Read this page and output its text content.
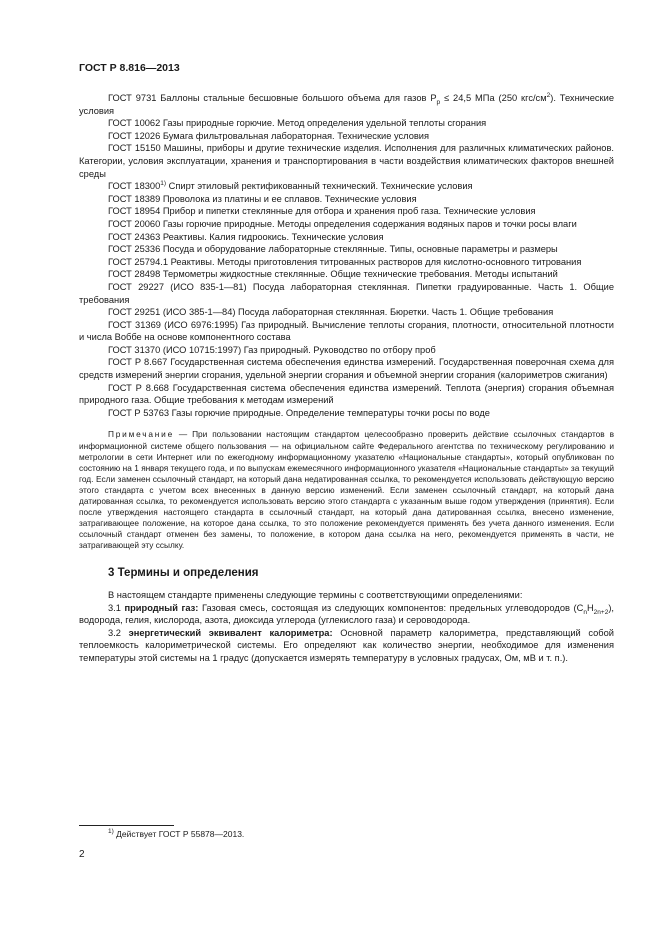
ГОСТ Р 8.816—2013

ГОСТ 9731 Баллоны стальные бесшовные большого объема для газов $P_р \le 24,5$ МПа (250 кгс/$см^2$). Технические условия

ГОСТ 10062 Газы природные горючие. Метод определения удельной теплоты сгорания

ГОСТ 12026 Бумага фильтровальная лабораторная. Технические условия

ГОСТ 15150 Машины, приборы и другие технические изделия. Исполнения для различных климатических районов. Категории, условия эксплуатации, хранения и транспортирования в части воздействия климатических факторов внешней среды

ГОСТ 18300$^{1)}$ Спирт этиловый ректификованный технический. Технические условия

ГОСТ 18389 Проволока из платины и ее сплавов. Технические условия

ГОСТ 18954 Прибор и пипетки стеклянные для отбора и хранения проб газа. Технические условия

ГОСТ 20060 Газы горючие природные. Методы определения содержания водяных паров и точки росы влаги

ГОСТ 24363 Реактивы. Калия гидроокись. Технические условия

ГОСТ 25336 Посуда и оборудование лабораторные стеклянные. Типы, основные параметры и размеры

ГОСТ 25794.1 Реактивы. Методы приготовления титрованных растворов для кислотно-основного титрования

ГОСТ 28498 Термометры жидкостные стеклянные. Общие технические требования. Методы испытаний

ГОСТ 29227 (ИСО 835-1—81) Посуда лабораторная стеклянная. Пипетки градуированные. Часть 1. Общие требования

ГОСТ 29251 (ИСО 385-1—84) Посуда лабораторная стеклянная. Бюретки. Часть 1. Общие требования

ГОСТ 31369 (ИСО 6976:1995) Газ природный. Вычисление теплоты сгорания, плотности, относительной плотности и числа Воббе на основе компонентного состава

ГОСТ 31370 (ИСО 10715:1997) Газ природный. Руководство по отбору проб

ГОСТ Р 8.667 Государственная система обеспечения единства измерений. Государственная поверочная схема для средств измерений энергии сгорания, удельной энергии сгорания и объемной энергии сгорания (калориметров сжигания)

ГОСТ Р 8.668 Государственная система обеспечения единства измерений. Теплота (энергия) сгорания объемная природного газа. Общие требования к методам измерений

ГОСТ Р 53763 Газы горючие природные. Определение температуры точки росы по воде

Примечание — При пользовании настоящим стандартом целесообразно проверить действие ссылочных стандартов в информационной системе общего пользования — на официальном сайте Федерального агентства по техническому регулированию и метрологии в сети Интернет или по ежегодному информационному указателю «Национальные стандарты», который опубликован по состоянию на 1 января текущего года, и по выпускам ежемесячного информационного указателя «Национальные стандарты» за текущий год. Если заменен ссылочный стандарт, на который дана недатированная ссылка, то рекомендуется использовать действующую версию этого стандарта с учетом всех внесенных в данную версию изменений. Если заменен ссылочный стандарт, на который дана датированная ссылка, то рекомендуется использовать версию этого стандарта с указанным выше годом утверждения (принятия). Если после утверждения настоящего стандарта в ссылочный стандарт, на который дана датированная ссылка, внесено изменение, затрагивающее положение, на которое дана ссылка, то это положение рекомендуется применять без учета данного изменения. Если ссылочный стандарт отменен без замены, то положение, в котором дана ссылка на него, рекомендуется применять в части, не затрагивающей эту ссылку.

3 Термины и определения

В настоящем стандарте применены следующие термины с соответствующими определениями:

3.1 природный газ: Газовая смесь, состоящая из следующих компонентов: предельных углеводородов $(C_nH_{2n+2})$, водорода, гелия, кислорода, азота, диоксида углерода (углекислого газа) и сероводорода.

3.2 энергетический эквивалент калориметра: Основной параметр калориметра, представляющий собой теплоемкость калориметрической системы. Его определяют как количество энергии, необходимое для изменения температуры этой системы на 1 градус (допускается измерять температуру в условных градусах, Ом, мВ и т. п.).

$^{1)}$ Действует ГОСТ Р 55878—2013.
2
